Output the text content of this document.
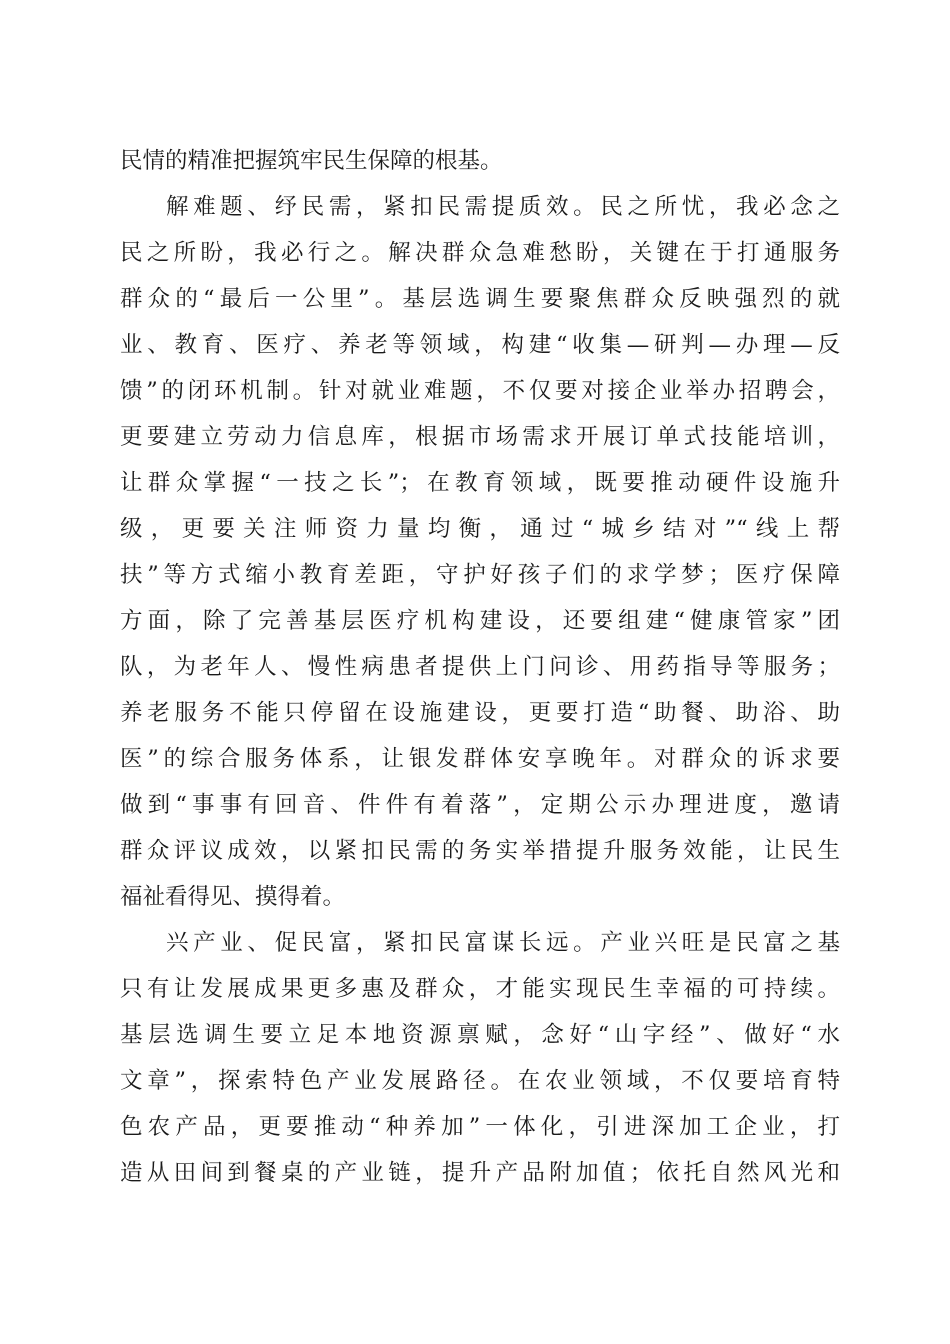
民情的精准把握筑牢民生保障的根基。
解难题、纾民需，紧扣民需提质效。民之所忧，我必念之
民之所盼，我必行之。解决群众急难愁盼，关键在于打通服务
群众的“最后一公里”。基层选调生要聚焦群众反映强烈的就
业、教育、医疗、养老等领域，构建“收集—研判—办理—反
馈”的闭环机制。针对就业难题，不仅要对接企业举办招聘会，
更要建立劳动力信息库，根据市场需求开展订单式技能培训，
让群众掌握“一技之长”；在教育领域，既要推动硬件设施升
级，更要关注师资力量均衡，通过“城乡结对”“线上帮
扶”等方式缩小教育差距，守护好孩子们的求学梦；医疗保障
方面，除了完善基层医疗机构建设，还要组建“健康管家”团
队，为老年人、慢性病患者提供上门问诊、用药指导等服务；
养老服务不能只停留在设施建设，更要打造“助餐、助浴、助
医”的综合服务体系，让银发群体安享晚年。对群众的诉求要
做到“事事有回音、件件有着落”，定期公示办理进度，邀请
群众评议成效，以紧扣民需的务实举措提升服务效能，让民生
福祉看得见、摸得着。
兴产业、促民富，紧扣民富谋长远。产业兴旺是民富之基
只有让发展成果更多惠及群众，才能实现民生幸福的可持续。
基层选调生要立足本地资源禀赋，念好“山字经”、做好“水
文章”，探索特色产业发展路径。在农业领域，不仅要培育特
色农产品，更要推动“种养加”一体化，引进深加工企业，打
造从田间到餐桌的产业链，提升产品附加值；依托自然风光和
